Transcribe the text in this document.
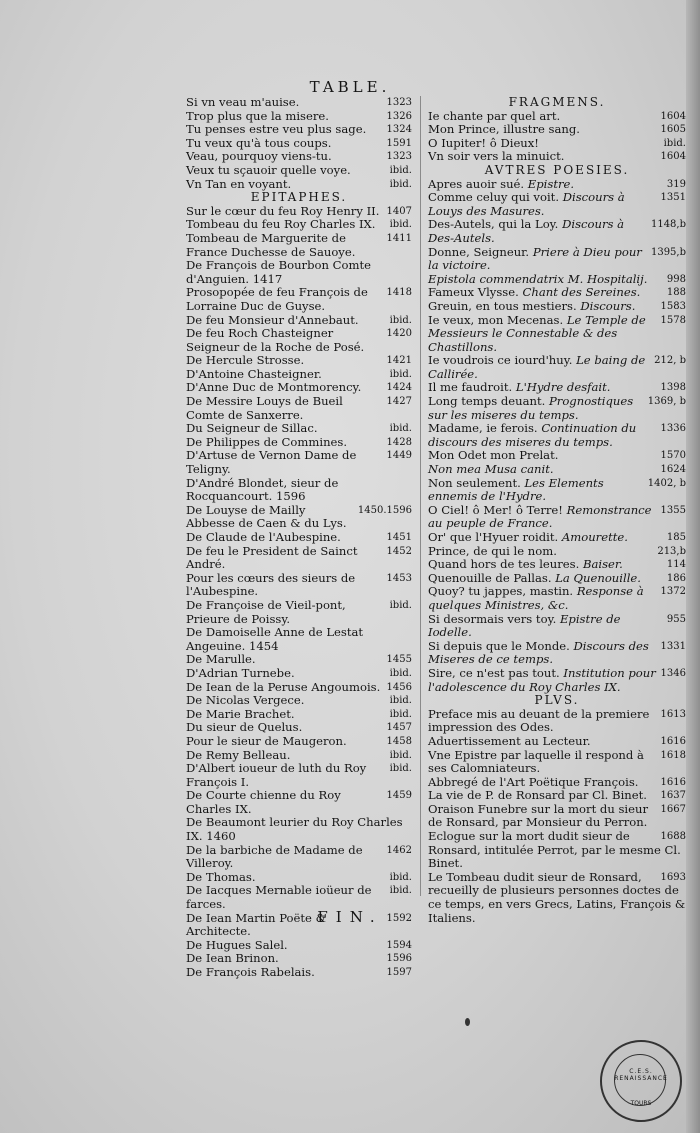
TABLE.
1323
Si vn veau m'auise.
1326
Trop plus que la misere.
1324
Tu penses estre veu plus sage.
1591
Tu veux qu'à tous coups.
1323
Veau, pourquoy viens-tu.
ibid.
Veux tu sçauoir quelle voye.
ibid.
Vn Tan en voyant.
EPITAPHES.
1407
Sur le cœur du feu Roy Henry II.
ibid.
Tombeau du feu Roy Charles IX.
1411
Tombeau de Marguerite de France Duchesse de Sauoye.
De François de Bourbon Comte d'Anguien. 1417
1418
Prosopopée de feu François de Lorraine Duc de Guyse.
ibid.
De feu Monsieur d'Annebaut.
1420
De feu Roch Chasteigner Seigneur de la Roche de Posé.
1421
De Hercule Strosse.
ibid.
D'Antoine Chasteigner.
1424
D'Anne Duc de Montmorency.
1427
De Messire Louys de Bueil Comte de Sanxerre.
ibid.
Du Seigneur de Sillac.
1428
De Philippes de Commines.
1449
D'Artuse de Vernon Dame de Teligny.
D'André Blondet, sieur de Rocquancourt. 1596
1450.1596
De Louyse de Mailly Abbesse de Caen & du Lys.
1451
De Claude de l'Aubespine.
1452
De feu le President de Sainct André.
1453
Pour les cœurs des sieurs de l'Aubespine.
ibid.
De Françoise de Vieil-pont, Prieure de Poissy.
De Damoiselle Anne de Lestat Angeuine. 1454
1455
De Marulle.
ibid.
D'Adrian Turnebe.
1456
De Iean de la Peruse Angoumois.
ibid.
De Nicolas Vergece.
ibid.
De Marie Brachet.
1457
Du sieur de Quelus.
1458
Pour le sieur de Maugeron.
ibid.
De Remy Belleau.
ibid.
D'Albert ioueur de luth du Roy François I.
1459
De Courte chienne du Roy Charles IX.
De Beaumont leurier du Roy Charles IX. 1460
1462
De la barbiche de Madame de Villeroy.
ibid.
De Thomas.
ibid.
De Iacques Mernable ioüeur de farces.
1592
De Iean Martin Poëte & Architecte.
1594
De Hugues Salel.
1596
De Iean Brinon.
1597
De François Rabelais.
FRAGMENS.
1604
Ie chante par quel art.
1605
Mon Prince, illustre sang.
ibid.
O Iupiter! ô Dieux!
1604
Vn soir vers la minuict.
AVTRES POESIES.
319
Apres auoir sué. Epistre.
1351
Comme celuy qui voit. Discours à Louys des Masures.
1148,b
Des-Autels, qui la Loy. Discours à Des-Autels.
1395,b
Donne, Seigneur. Priere à Dieu pour la victoire.
998
Epistola commendatrix M. Hospitalij.
188
Fameux Vlysse. Chant des Sereines.
1583
Greuin, en tous mestiers. Discours.
1578
Ie veux, mon Mecenas. Le Temple de Messieurs le Connestable & des Chastillons.
212, b
Ie voudrois ce iourd'huy. Le baing de Callirée.
1398
Il me faudroit. L'Hydre desfait.
1369, b
Long temps deuant. Prognostiques sur les miseres du temps.
1336
Madame, ie ferois. Continuation du discours des miseres du temps.
1570
Mon Odet mon Prelat.
1624
Non mea Musa canit.
1402, b
Non seulement. Les Elements ennemis de l'Hydre.
1355
O Ciel! ô Mer! ô Terre! Remonstrance au peuple de France.
185
Or' que l'Hyuer roidit. Amourette.
213,b
Prince, de qui le nom.
114
Quand hors de tes leures. Baiser.
186
Quenouille de Pallas. La Quenouille.
1372
Quoy? tu jappes, mastin. Response à quelques Ministres, &c.
955
Si desormais vers toy. Epistre de Iodelle.
1331
Si depuis que le Monde. Discours des Miseres de ce temps.
1346
Sire, ce n'est pas tout. Institution pour l'adolescence du Roy Charles IX.
PLVS.
1613
Preface mis au deuant de la premiere impression des Odes.
1616
Aduertissement au Lecteur.
1618
Vne Epistre par laquelle il respond à ses Calomniateurs.
1616
Abbregé de l'Art Poëtique François.
1637
La vie de P. de Ronsard par Cl. Binet.
1667
Oraison Funebre sur la mort du sieur de Ronsard, par Monsieur du Perron.
1688
Eclogue sur la mort dudit sieur de Ronsard, intitulée Perrot, par le mesme Cl. Binet.
1693
Le Tombeau dudit sieur de Ronsard, recueilly de plusieurs personnes doctes de ce temps, en vers Grecs, Latins, François & Italiens.
FIN.
C.E.S. RENAISSANCE
TOURS
